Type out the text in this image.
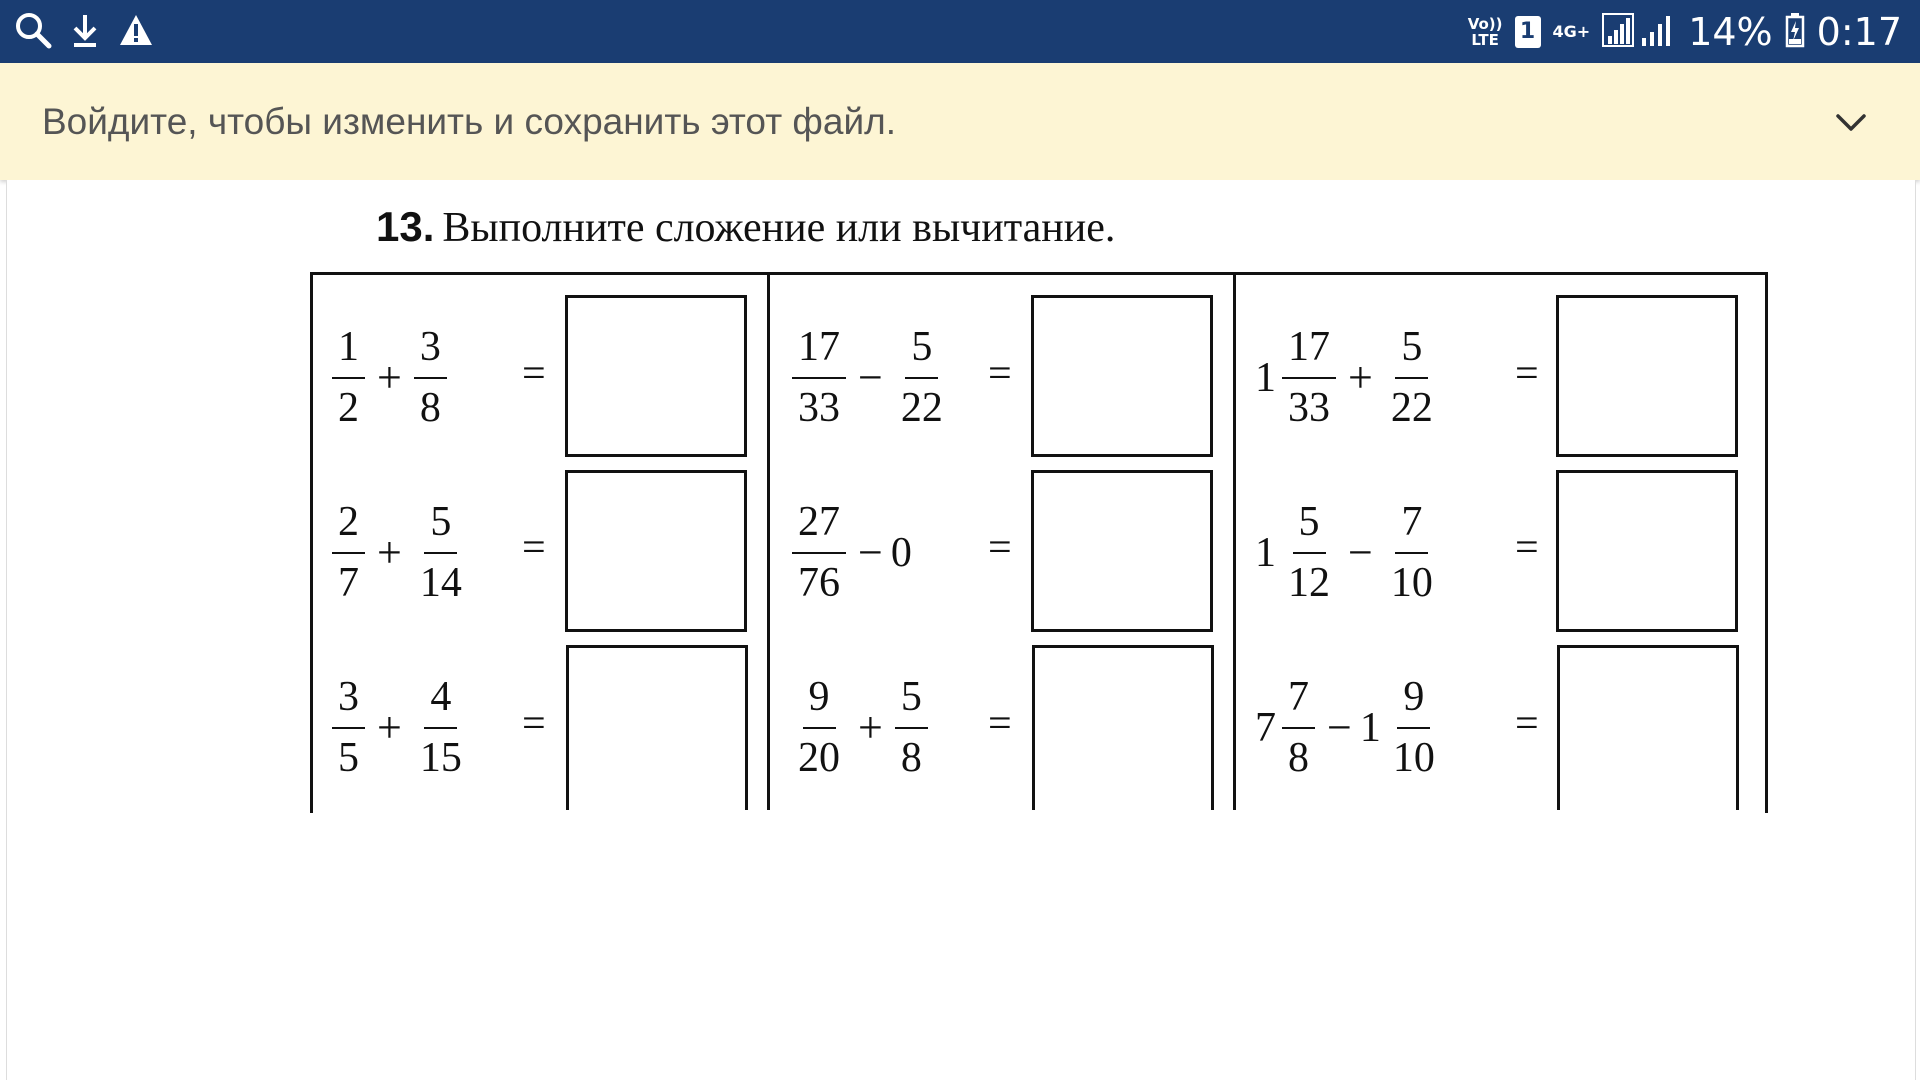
Vo))
LTE 1	4G+	14% 0:17
Войдите, чтобы изменить и сохранить этот файл.
13. Выполните сложение или вычитание.
$\frac{1}{2} + \frac{3}{8}$ =
$\frac{2}{7} + \frac{5}{14}$ =
$\frac{3}{5} + \frac{4}{15}$ =
$\frac{17}{33} - \frac{5}{22}$ =
$\frac{27}{76} - 0$ =
$\frac{9}{20} + \frac{5}{8}$ =
$1 \frac{17}{33} + \frac{5}{22}$ =
$1 \frac{5}{12} - \frac{7}{10}$ =
$7 \frac{7}{8} - 1 \frac{9}{10}$ =
